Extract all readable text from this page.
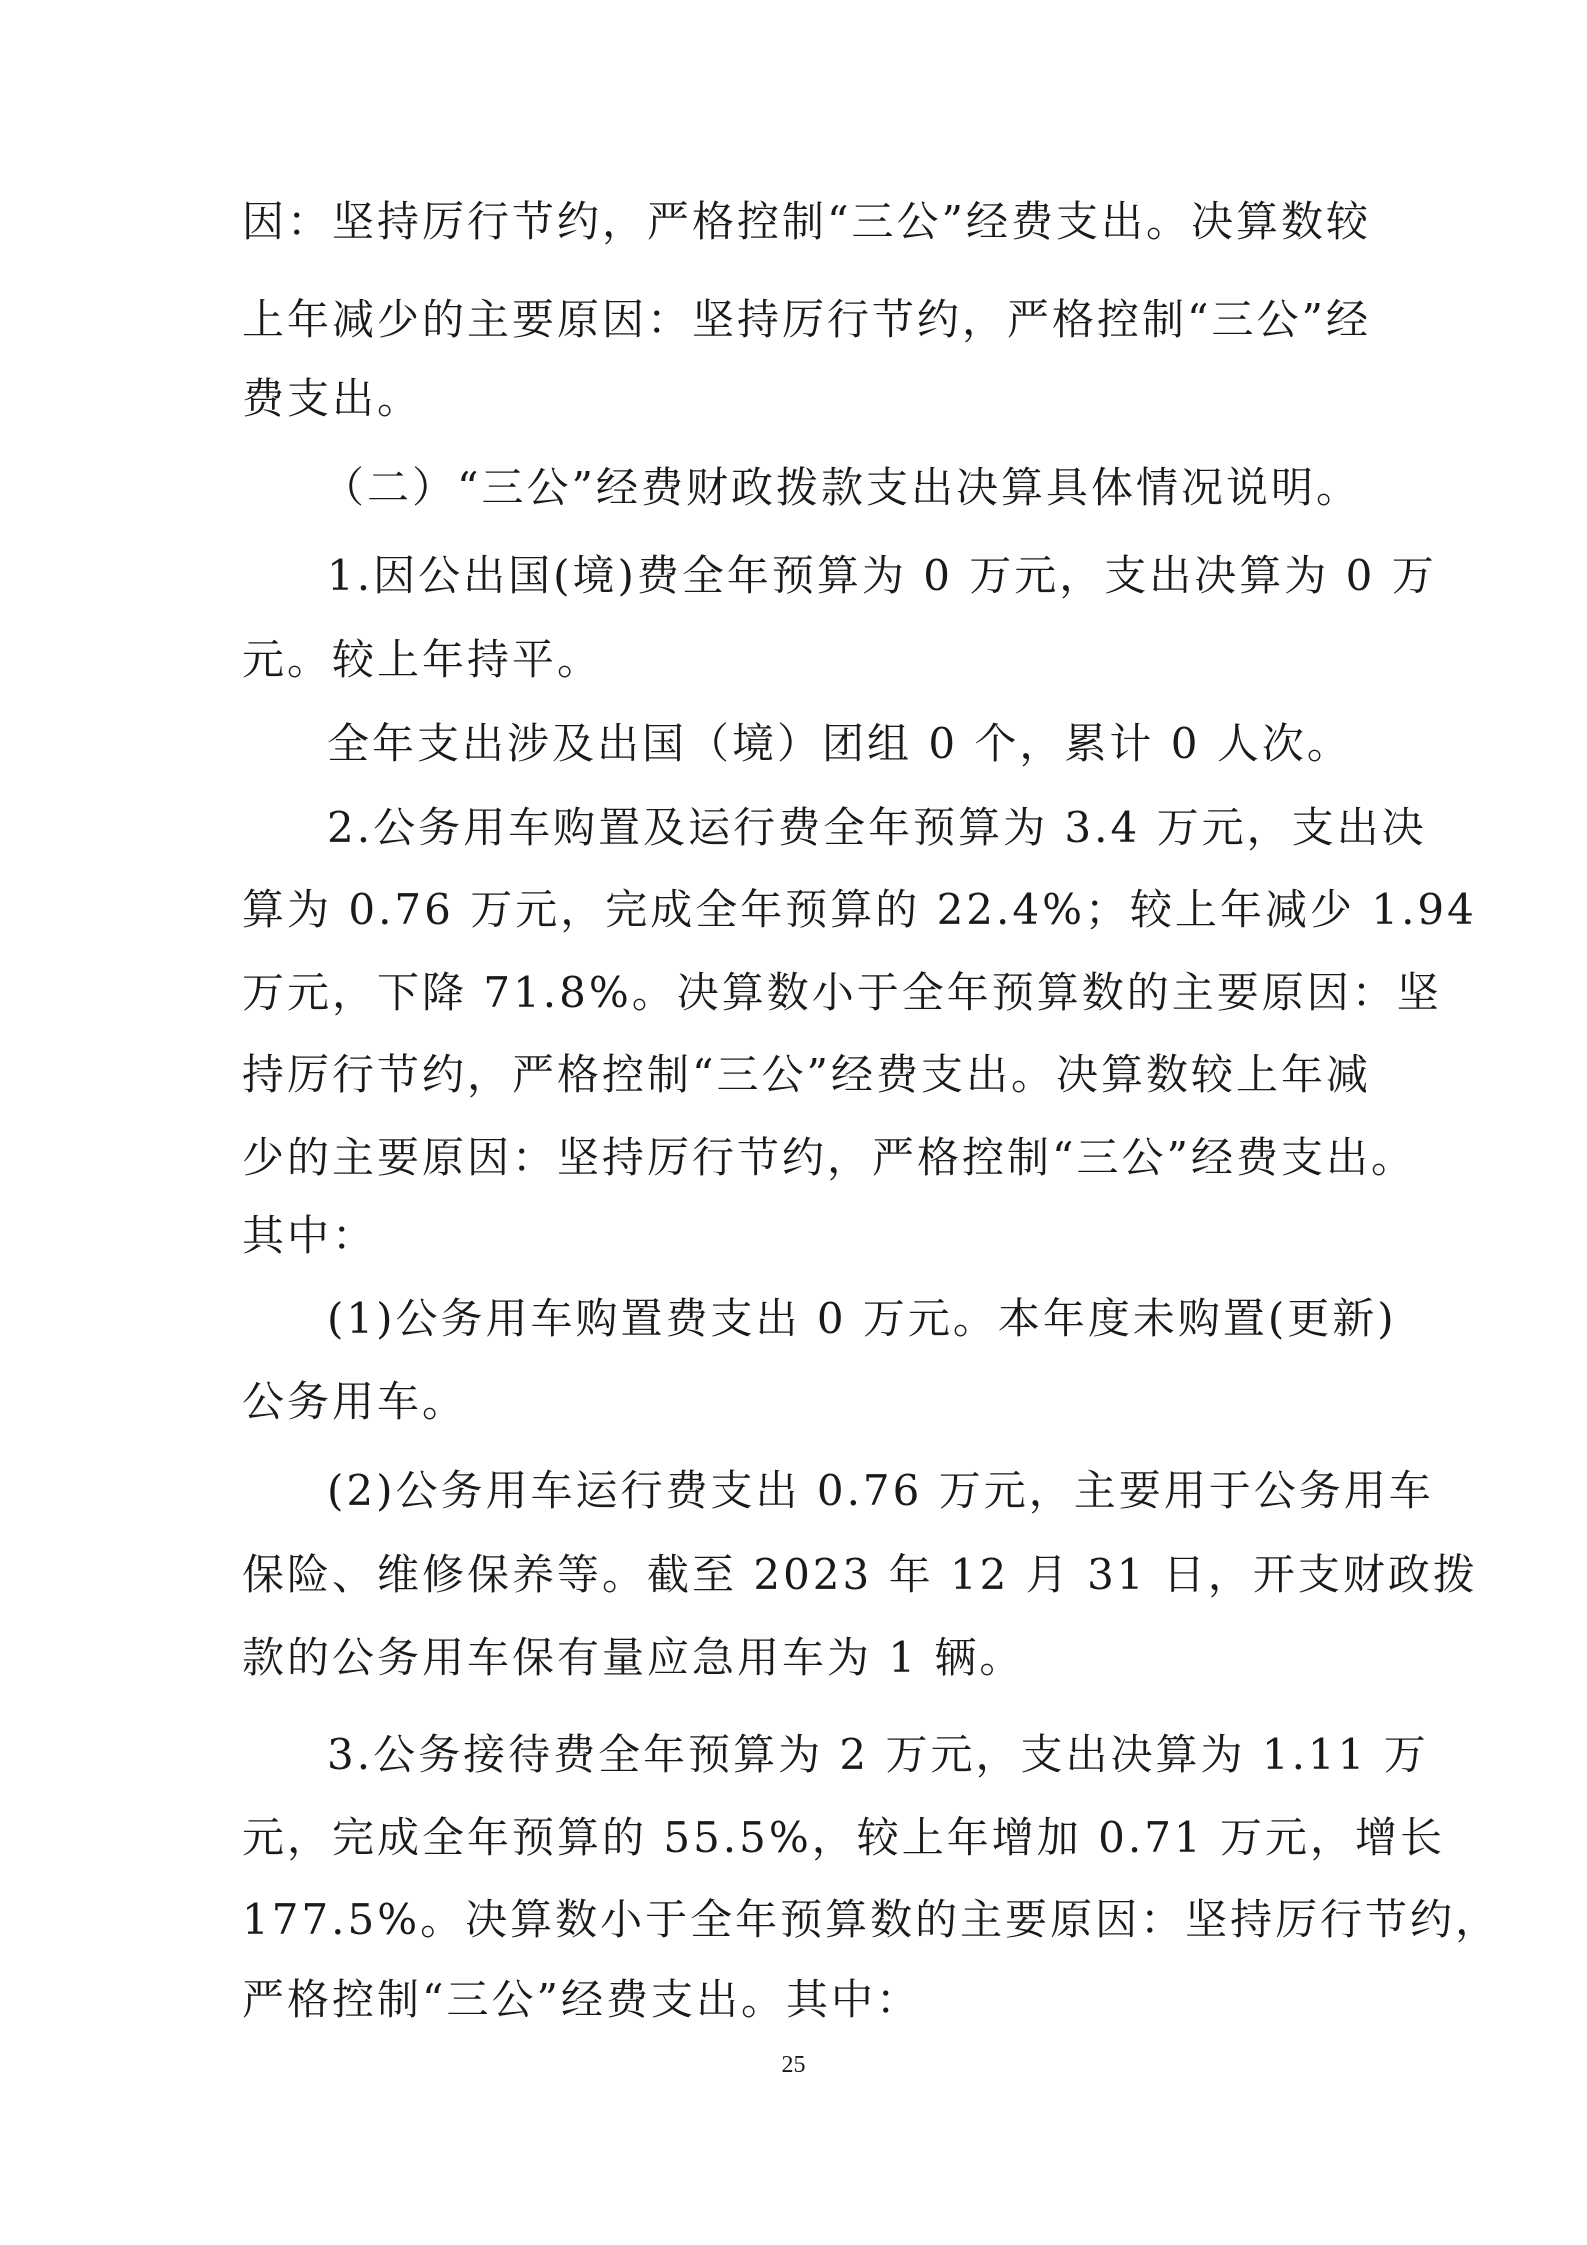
因：坚持厉行节约，严格控制“三公”经费支出。决算数较
上年减少的主要原因：坚持厉行节约，严格控制“三公”经
费支出。
（二）“三公”经费财政拨款支出决算具体情况说明。
1.因公出国(境)费全年预算为 0 万元，支出决算为 0 万
元。较上年持平。
全年支出涉及出国（境）团组 0 个，累计 0 人次。
2.公务用车购置及运行费全年预算为 3.4 万元，支出决
算为 0.76 万元，完成全年预算的 22.4%；较上年减少 1.94
万元，下降 71.8%。决算数小于全年预算数的主要原因：坚
持厉行节约，严格控制“三公”经费支出。决算数较上年减
少的主要原因：坚持厉行节约，严格控制“三公”经费支出。
其中：
(1)公务用车购置费支出 0 万元。本年度未购置(更新)
公务用车。
(2)公务用车运行费支出 0.76 万元，主要用于公务用车
保险、维修保养等。截至 2023 年 12 月 31 日，开支财政拨
款的公务用车保有量应急用车为 1 辆。
3.公务接待费全年预算为 2 万元，支出决算为 1.11 万
元，完成全年预算的 55.5%，较上年增加 0.71 万元，增长
177.5%。决算数小于全年预算数的主要原因：坚持厉行节约，
严格控制“三公”经费支出。其中：
25
